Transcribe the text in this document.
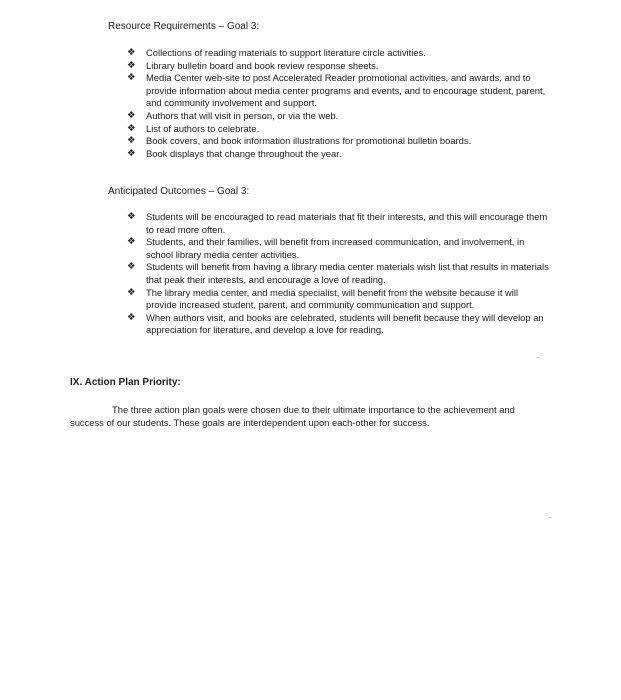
Resource Requirements – Goal 3:
❖ Collections of reading materials to support literature circle activities.
❖ Library bulletin board and book review response sheets.
❖ Media Center web-site to post Accelerated Reader promotional activities, and awards, and to provide information about media center programs and events, and to encourage student, parent, and community involvement and support.
❖ Authors that will visit in person, or via the web.
❖ List of authors to celebrate.
❖ Book covers, and book information illustrations for promotional bulletin boards.
❖ Book displays that change throughout the year.
Anticipated Outcomes – Goal 3:
❖ Students will be encouraged to read materials that fit their interests, and this will encourage them to read more often.
❖ Students, and their families, will benefit from increased communication, and involvement, in school library media center activities.
❖ Students will benefit from having a library media center materials wish list that results in materials that peak their interests, and encourage a love of reading.
❖ The library media center, and media specialist, will benefit from the website because it will provide increased student, parent, and community communication and support.
❖ When authors visit, and books are celebrated, students will benefit because they will develop an appreciation for literature, and develop a love for reading.
IX. Action Plan Priority:
The three action plan goals were chosen due to their ultimate importance to the achievement and success of our students. These goals are interdependent upon each-other for success.
